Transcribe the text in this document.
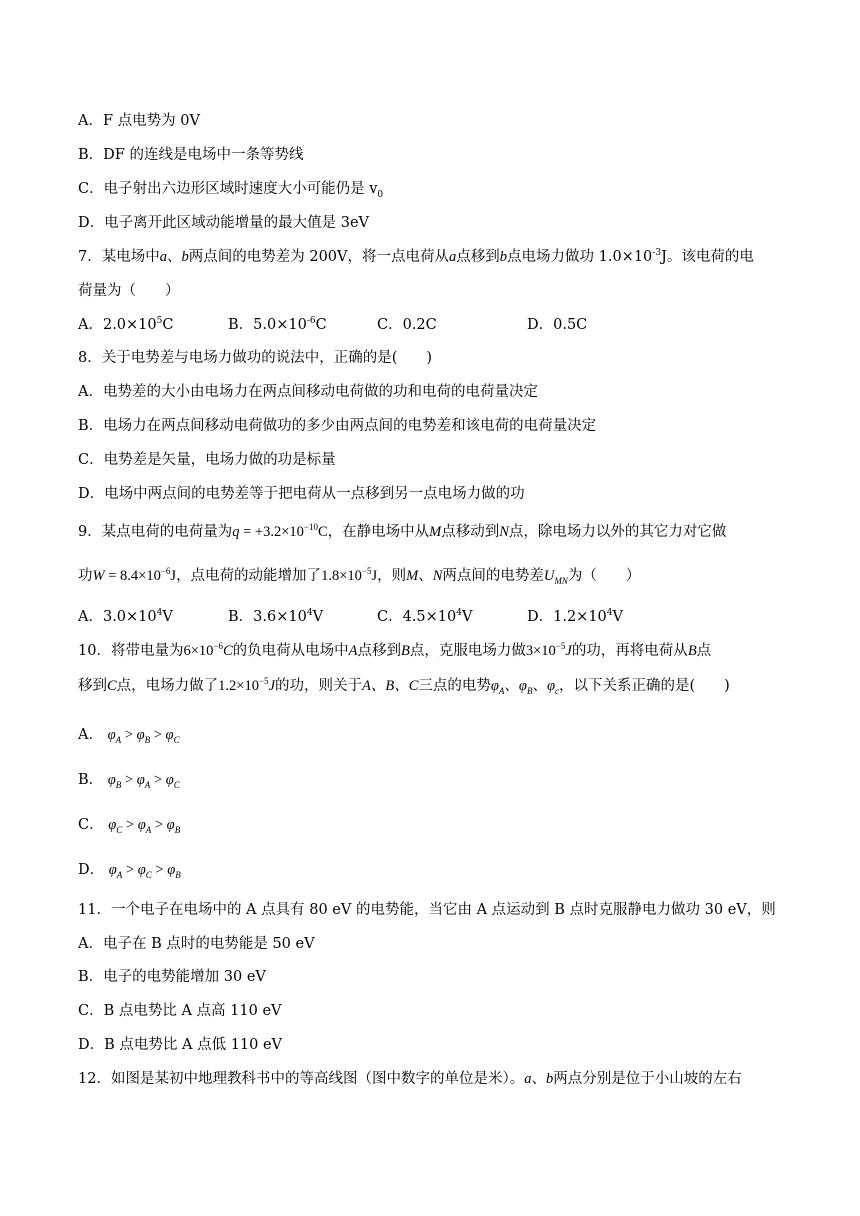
A．F 点电势为 0V
B．DF 的连线是电场中一条等势线
C．电子射出六边形区域时速度大小可能仍是 $v_0$
D．电子离开此区域动能增量的最大值是 3eV
7．某电场中a、b两点间的电势差为 200V，将一点电荷从a点移到b点电场力做功 $1.0\times 10^{-3}J$。该电荷的电
荷量为（　　）
A．$2.0\times 10^5C$	B．$5.0\times 10^{-6}C$	C．0.2C	D．0.5C
8．关于电势差与电场力做功的说法中，正确的是(　　)
A．电势差的大小由电场力在两点间移动电荷做的功和电荷的电荷量决定
B．电场力在两点间移动电荷做功的多少由两点间的电势差和该电荷的电荷量决定
C．电势差是矢量，电场力做的功是标量
D．电场中两点间的电势差等于把电荷从一点移到另一点电场力做的功
9．某点电荷的电荷量为$q = +3.2\times 10^{-10}C$，在静电场中从M点移动到N点，除电场力以外的其它力对它做
功$W = 8.4\times 10^{-6}J$，点电荷的动能增加了$1.8\times 10^{-5}J$，则M、N两点间的电势差$U_{MN}$为（　　）
A．$3.0\times 10^4V$	B．$3.6\times 10^4V$	C．$4.5\times 10^4V$	D．$1.2\times 10^4V$
10．将带电量为$6\times 10^{-6}C$的负电荷从电场中A点移到B点，克服电场力做$3\times 10^{-5}J$的功，再将电荷从B点
移到C点，电场力做了$1.2\times 10^{-5}J$的功，则关于A、B、C三点的电势$\varphi_A$、$\varphi_B$、$\varphi_c$，以下关系正确的是(　　)
A． $\varphi_A > \varphi_B > \varphi_C$
B． $\varphi_B > \varphi_A > \varphi_C$
C． $\varphi_C > \varphi_A > \varphi_B$
D． $\varphi_A > \varphi_C > \varphi_B$
11．一个电子在电场中的 A 点具有 80 eV 的电势能，当它由 A 点运动到 B 点时克服静电力做功 30 eV，则
A．电子在 B 点时的电势能是 50 eV
B．电子的电势能增加 30 eV
C．B 点电势比 A 点高 110 eV
D．B 点电势比 A 点低 110 eV
12．如图是某初中地理教科书中的等高线图（图中数字的单位是米）。a、b两点分别是位于小山坡的左右
